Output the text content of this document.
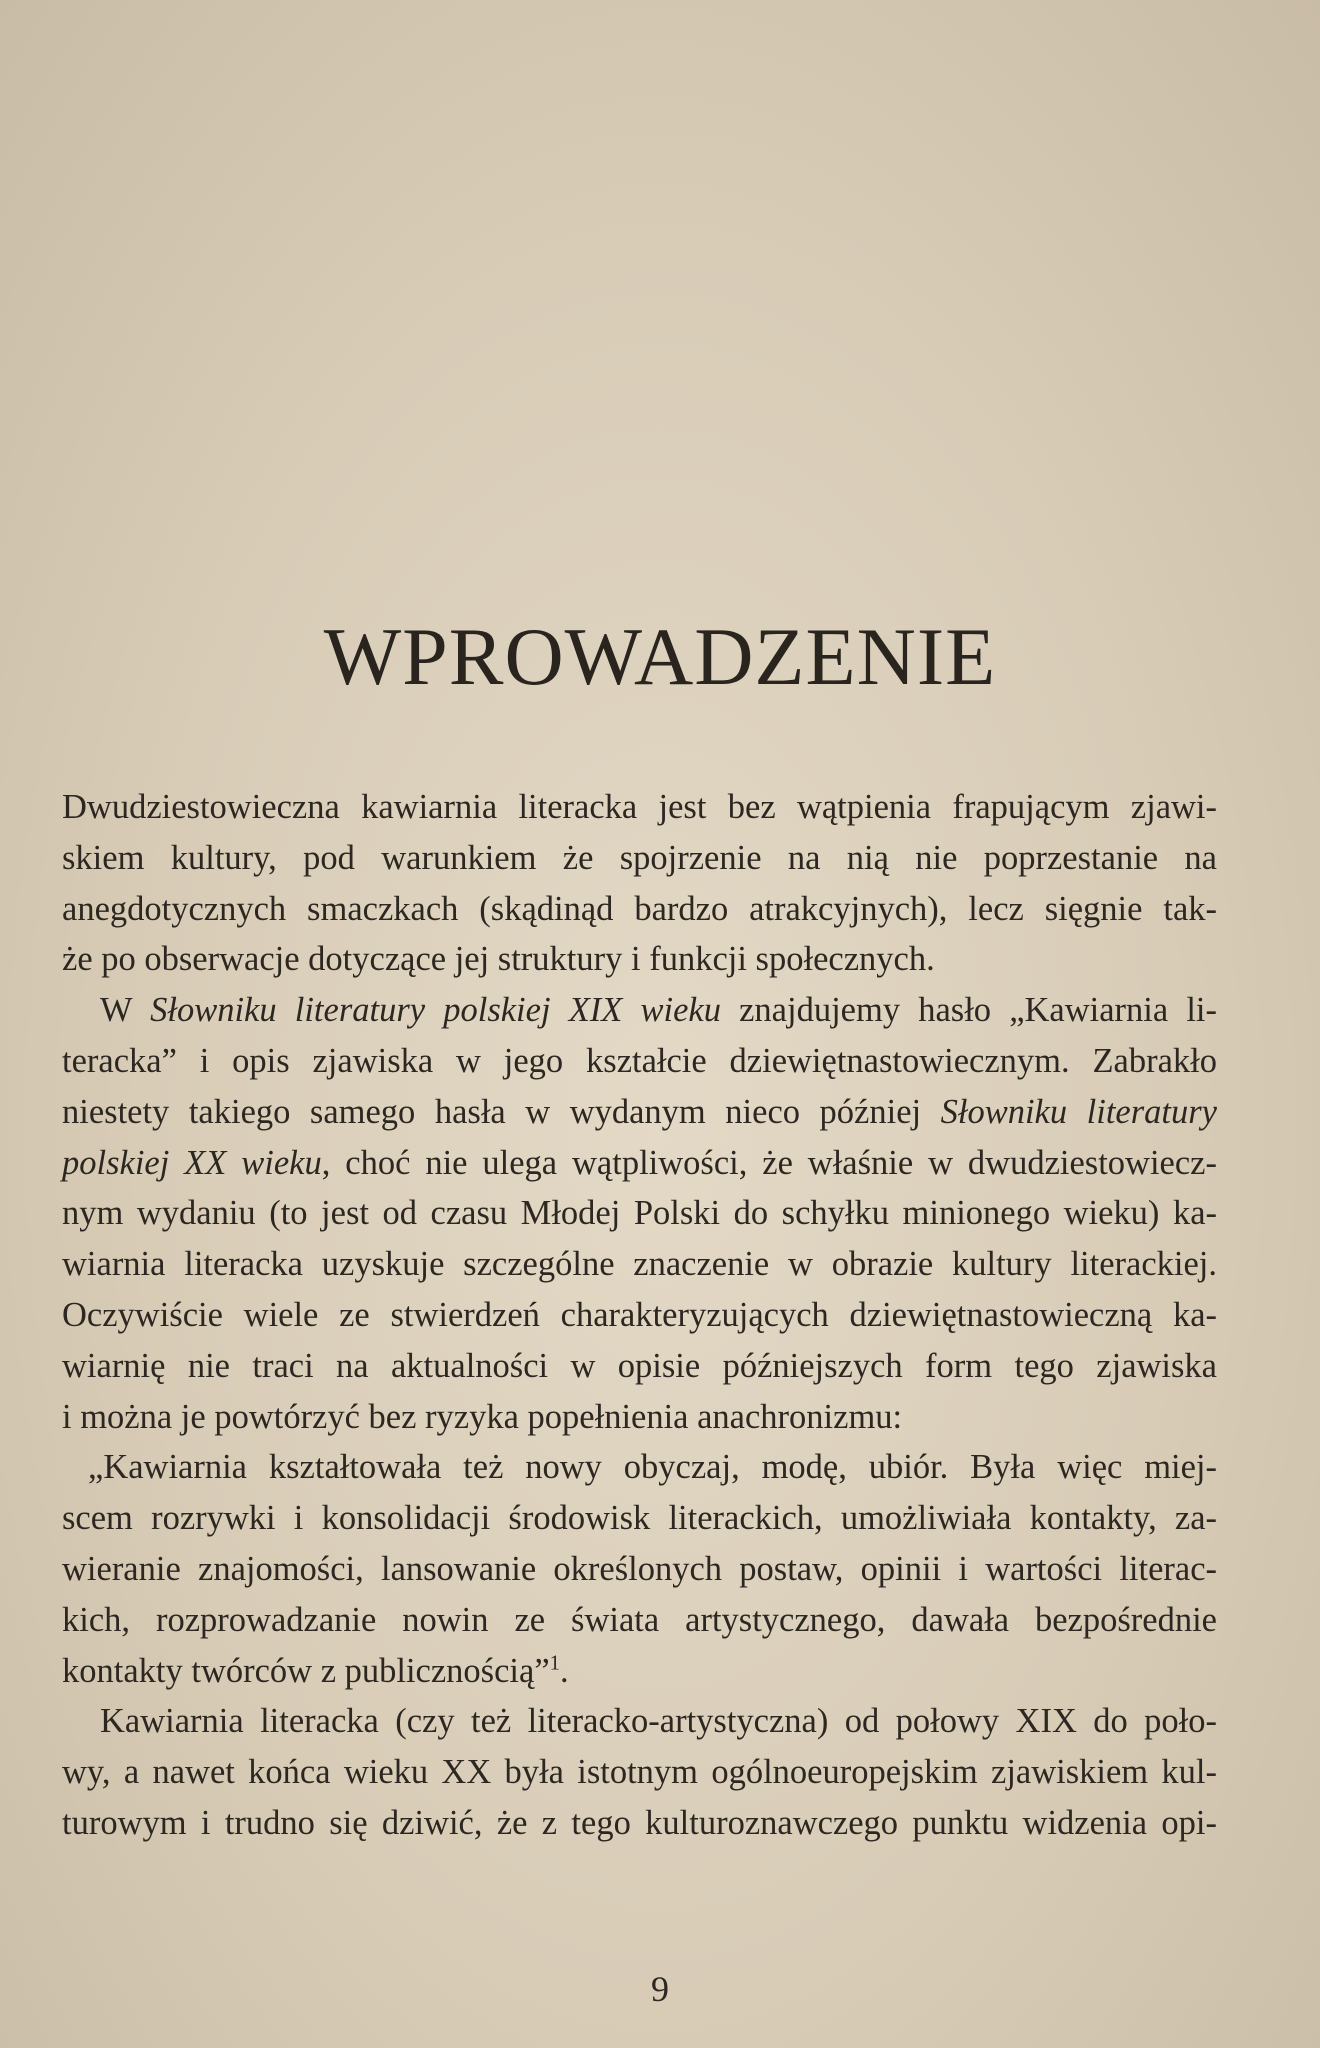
WPROWADZENIE
Dwudziestowieczna kawiarnia literacka jest bez wątpienia frapującym zjawi-
skiem kultury, pod warunkiem że spojrzenie na nią nie poprzestanie na
anegdotycznych smaczkach (skądinąd bardzo atrakcyjnych), lecz sięgnie tak-
że po obserwacje dotyczące jej struktury i funkcji społecznych.
W Słowniku literatury polskiej XIX wieku znajdujemy hasło „Kawiarnia li-
teracka” i opis zjawiska w jego kształcie dziewiętnastowiecznym. Zabrakło
niestety takiego samego hasła w wydanym nieco później Słowniku literatury
polskiej XX wieku, choć nie ulega wątpliwości, że właśnie w dwudziestowiecz-
nym wydaniu (to jest od czasu Młodej Polski do schyłku minionego wieku) ka-
wiarnia literacka uzyskuje szczególne znaczenie w obrazie kultury literackiej.
Oczywiście wiele ze stwierdzeń charakteryzujących dziewiętnastowieczną ka-
wiarnię nie traci na aktualności w opisie późniejszych form tego zjawiska
i można je powtórzyć bez ryzyka popełnienia anachronizmu:
„Kawiarnia kształtowała też nowy obyczaj, modę, ubiór. Była więc miej-
scem rozrywki i konsolidacji środowisk literackich, umożliwiała kontakty, za-
wieranie znajomości, lansowanie określonych postaw, opinii i wartości literac-
kich, rozprowadzanie nowin ze świata artystycznego, dawała bezpośrednie
kontakty twórców z publicznością”$^1$.
Kawiarnia literacka (czy też literacko-artystyczna) od połowy XIX do poło-
wy, a nawet końca wieku XX była istotnym ogólnoeuropejskim zjawiskiem kul-
turowym i trudno się dziwić, że z tego kulturoznawczego punktu widzenia opi-
9
